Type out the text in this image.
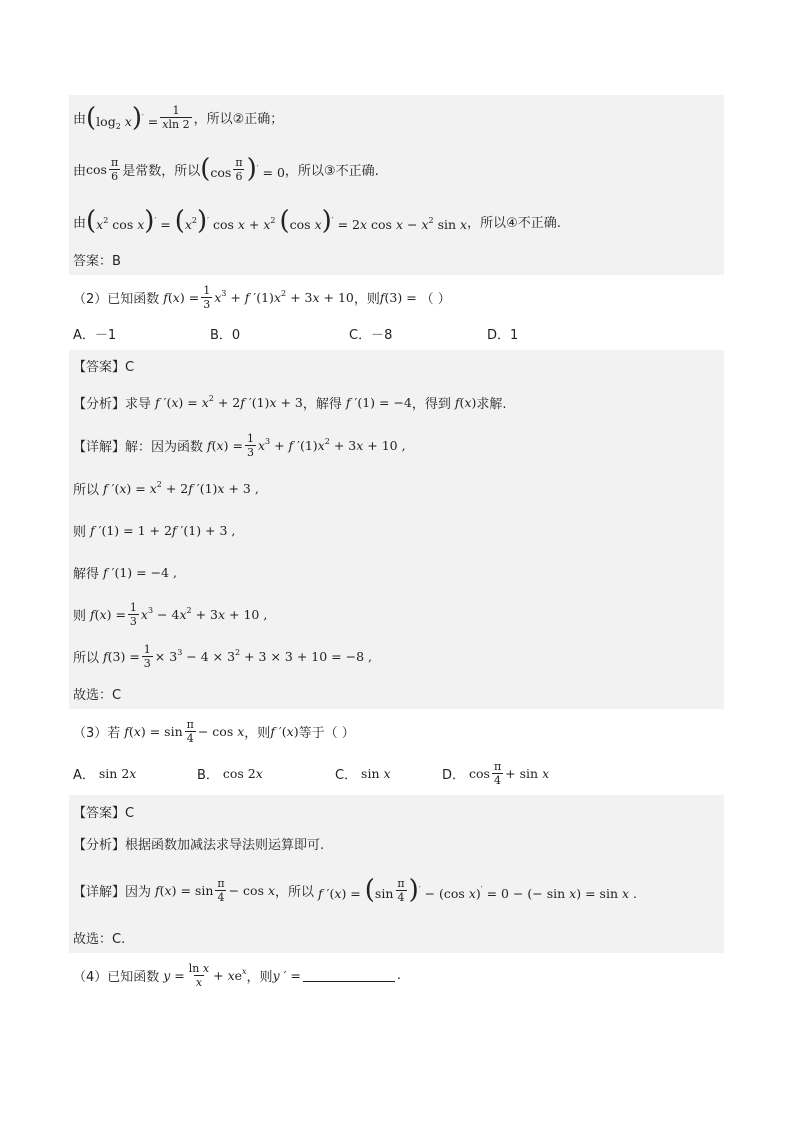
由 ($\log_2$ $x)' = \frac{1}{xln 2}$ ，所以②正确；
由 $\cos \frac{\pi}{6}$ 是常数，所以 $(\cos \frac{\pi}{6} )' = 0$ ，所以③不正确.
由 ($x^2$ $\cos x)' = (x^2)'$ $\cos x + x^2$ (cos x)′ = 2x $\cos x - x^2$ sin x ，所以④不正确.
答案：B
（2）已知函数 $f(x) = \frac{1}{3} x^3 + f$ $'(1)x^2 + 3x + 10$ ，则 f(3) = （ ）
A．－1	B．0	C．－8	D．1
【答案】C
【分析】 求导 f $'(x) = x^2 + 2f$ ′(1)x + 3 ，解得 f ′(1) = −4 ，得到 f(x) 求解.
【详解】 解：因为函数 $f(x) = \frac{1}{3} x^3 + f$ $'(1)x^2 + 3x + 10$ ,
所以 f $'(x) = x^2 + 2f$ ′(1)x + 3 ,
则 f ′(1) = 1 + 2f ′(1) + 3 ,
解得 f ′(1) = −4 ,
则 $f(x) = \frac{1}{3} x^3 - 4x^2 + 3x + 10$ ,
所以 $f(3) = \frac{1}{3} \times 3^3 - 4 \times 3^2 + 3 \times 3 + 10 = -8$ ,
故选：C
（3）若 $f(x) = \sin \frac{\pi}{4} - \cos x$ ，则 f ′(x) 等于（ ）
A． sin 2x	B． cos 2x	C． sin x	D． $\cos \frac{\pi}{4} + \sin x$
【答案】C
【分析】 根据函数加减法求导法则运算即可.
【详解】 因为 $f(x) = \sin \frac{\pi}{4} - \cos x$ ，所以 f $'(x) = (\sin \frac{\pi}{4} )' - (\cos$ x)′ = 0 − (− sin x) = sin x .
故选：C.
（4）已知函数 $y = \frac{\text{ln x}}{x} + xe^x$ ，则 y ′ =	.
